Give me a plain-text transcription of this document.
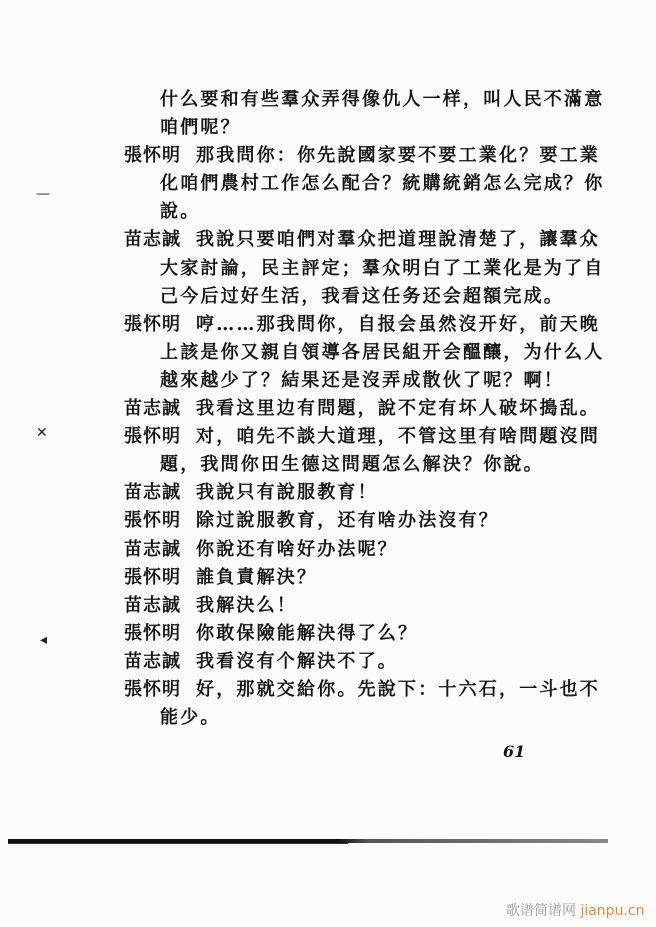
什么要和有些羣众弄得像仇人一样，叫人民不滿意
咱們呢？
張怀明 那我問你：你先說國家要不要工業化？要工業
化咱們農村工作怎么配合？統購統銷怎么完成？你
說。
苗志誠 我說只要咱們对羣众把道理說清楚了，讓羣众
大家討論，民主評定；羣众明白了工業化是为了自
己今后过好生活，我看这任务还会超額完成。
張怀明 哼……那我問你，自报会虽然沒开好，前天晚
上該是你又親自領導各居民組开会醞釀，为什么人
越來越少了？結果还是沒弄成散伙了呢？啊！
苗志誠 我看这里边有問題，說不定有坏人破坏搗乱。
張怀明 对，咱先不談大道理，不管这里有啥問題沒問
題，我問你田生德这問題怎么解決？你說。
苗志誠 我說只有說服教育！
張怀明 除过說服教育，还有啥办法沒有？
苗志誠 你說还有啥好办法呢？
張怀明 誰負責解決？
苗志誠 我解決么！
張怀明 你敢保險能解決得了么？
苗志誠 我看沒有个解決不了。
張怀明 好，那就交給你。先說下：十六石，一斗也不
能少。
—
✕
◂
61
歌谱简谱网 jianpu.cn
